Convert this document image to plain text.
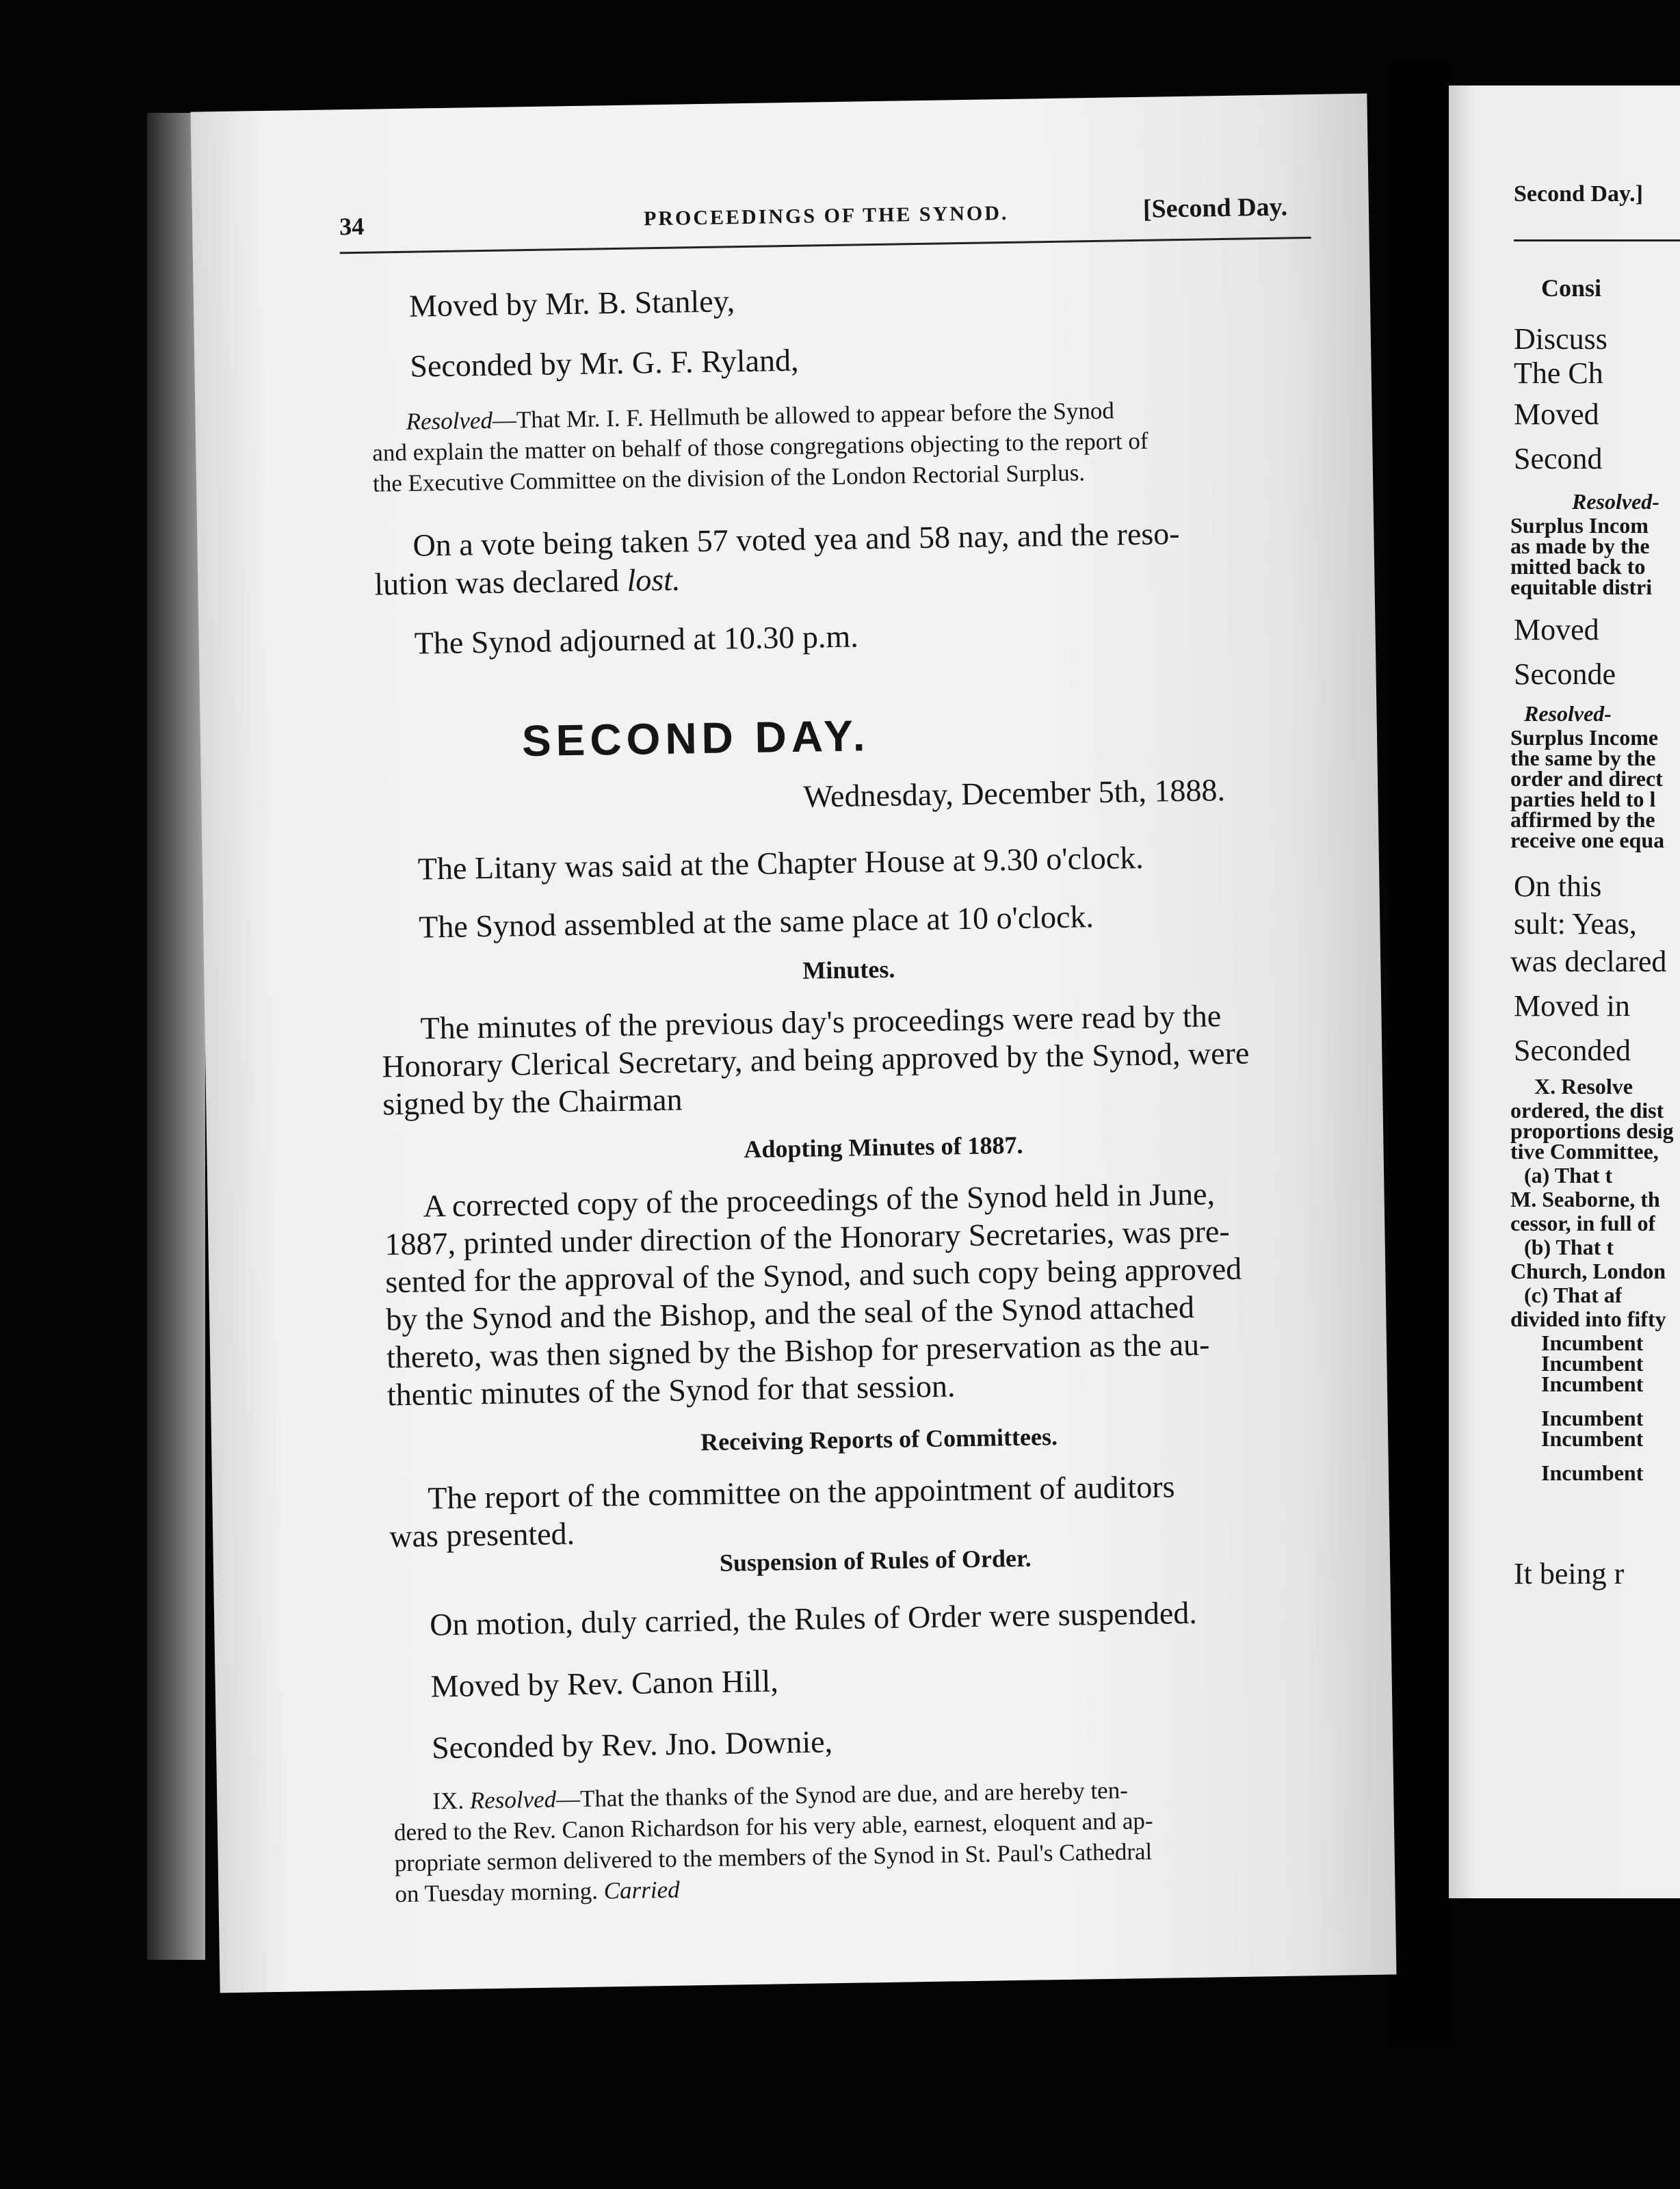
34	PROCEEDINGS OF THE SYNOD.	[Second Day.
Moved by Mr. B. Stanley,
Seconded by Mr. G. F. Ryland,
Resolved—That Mr. I. F. Hellmuth be allowed to appear before the Synod
and explain the matter on behalf of those congregations objecting to the report of
the Executive Committee on the division of the London Rectorial Surplus.
On a vote being taken 57 voted yea and 58 nay, and the reso-
lution was declared lost.
The Synod adjourned at 10.30 p.m.
SECOND DAY.
Wednesday, December 5th, 1888.
The Litany was said at the Chapter House at 9.30 o'clock.
The Synod assembled at the same place at 10 o'clock.
Minutes.
The minutes of the previous day's proceedings were read by the
Honorary Clerical Secretary, and being approved by the Synod, were
signed by the Chairman
Adopting Minutes of 1887.
A corrected copy of the proceedings of the Synod held in June,
1887, printed under direction of the Honorary Secretaries, was pre-
sented for the approval of the Synod, and such copy being approved
by the Synod and the Bishop, and the seal of the Synod attached
thereto, was then signed by the Bishop for preservation as the au-
thentic minutes of the Synod for that session.
Receiving Reports of Committees.
The report of the committee on the appointment of auditors
was presented.
Suspension of Rules of Order.
On motion, duly carried, the Rules of Order were suspended.
Moved by Rev. Canon Hill,
Seconded by Rev. Jno. Downie,
IX. Resolved—That the thanks of the Synod are due, and are hereby ten-
dered to the Rev. Canon Richardson for his very able, earnest, eloquent and ap-
propriate sermon delivered to the members of the Synod in St. Paul's Cathedral
on Tuesday morning. Carried
Second Day.]
Consi
Discuss
The Ch
Moved
Second
Resolved-
Surplus Incom
as made by the
mitted back to
equitable distri
Moved
Seconde
Resolved-
Surplus Income
the same by the
order and direct
parties held to l
affirmed by the
receive one equa
On this
sult: Yeas,
was declared
Moved in
Seconded
X. Resolve
ordered, the dist
proportions desig
tive Committee,
(a) That t
M. Seaborne, th
cessor, in full of
(b) That t
Church, London
(c) That af
divided into fifty
Incumbent
Incumbent
Incumbent
Incumbent
Incumbent
Incumbent
It being r
